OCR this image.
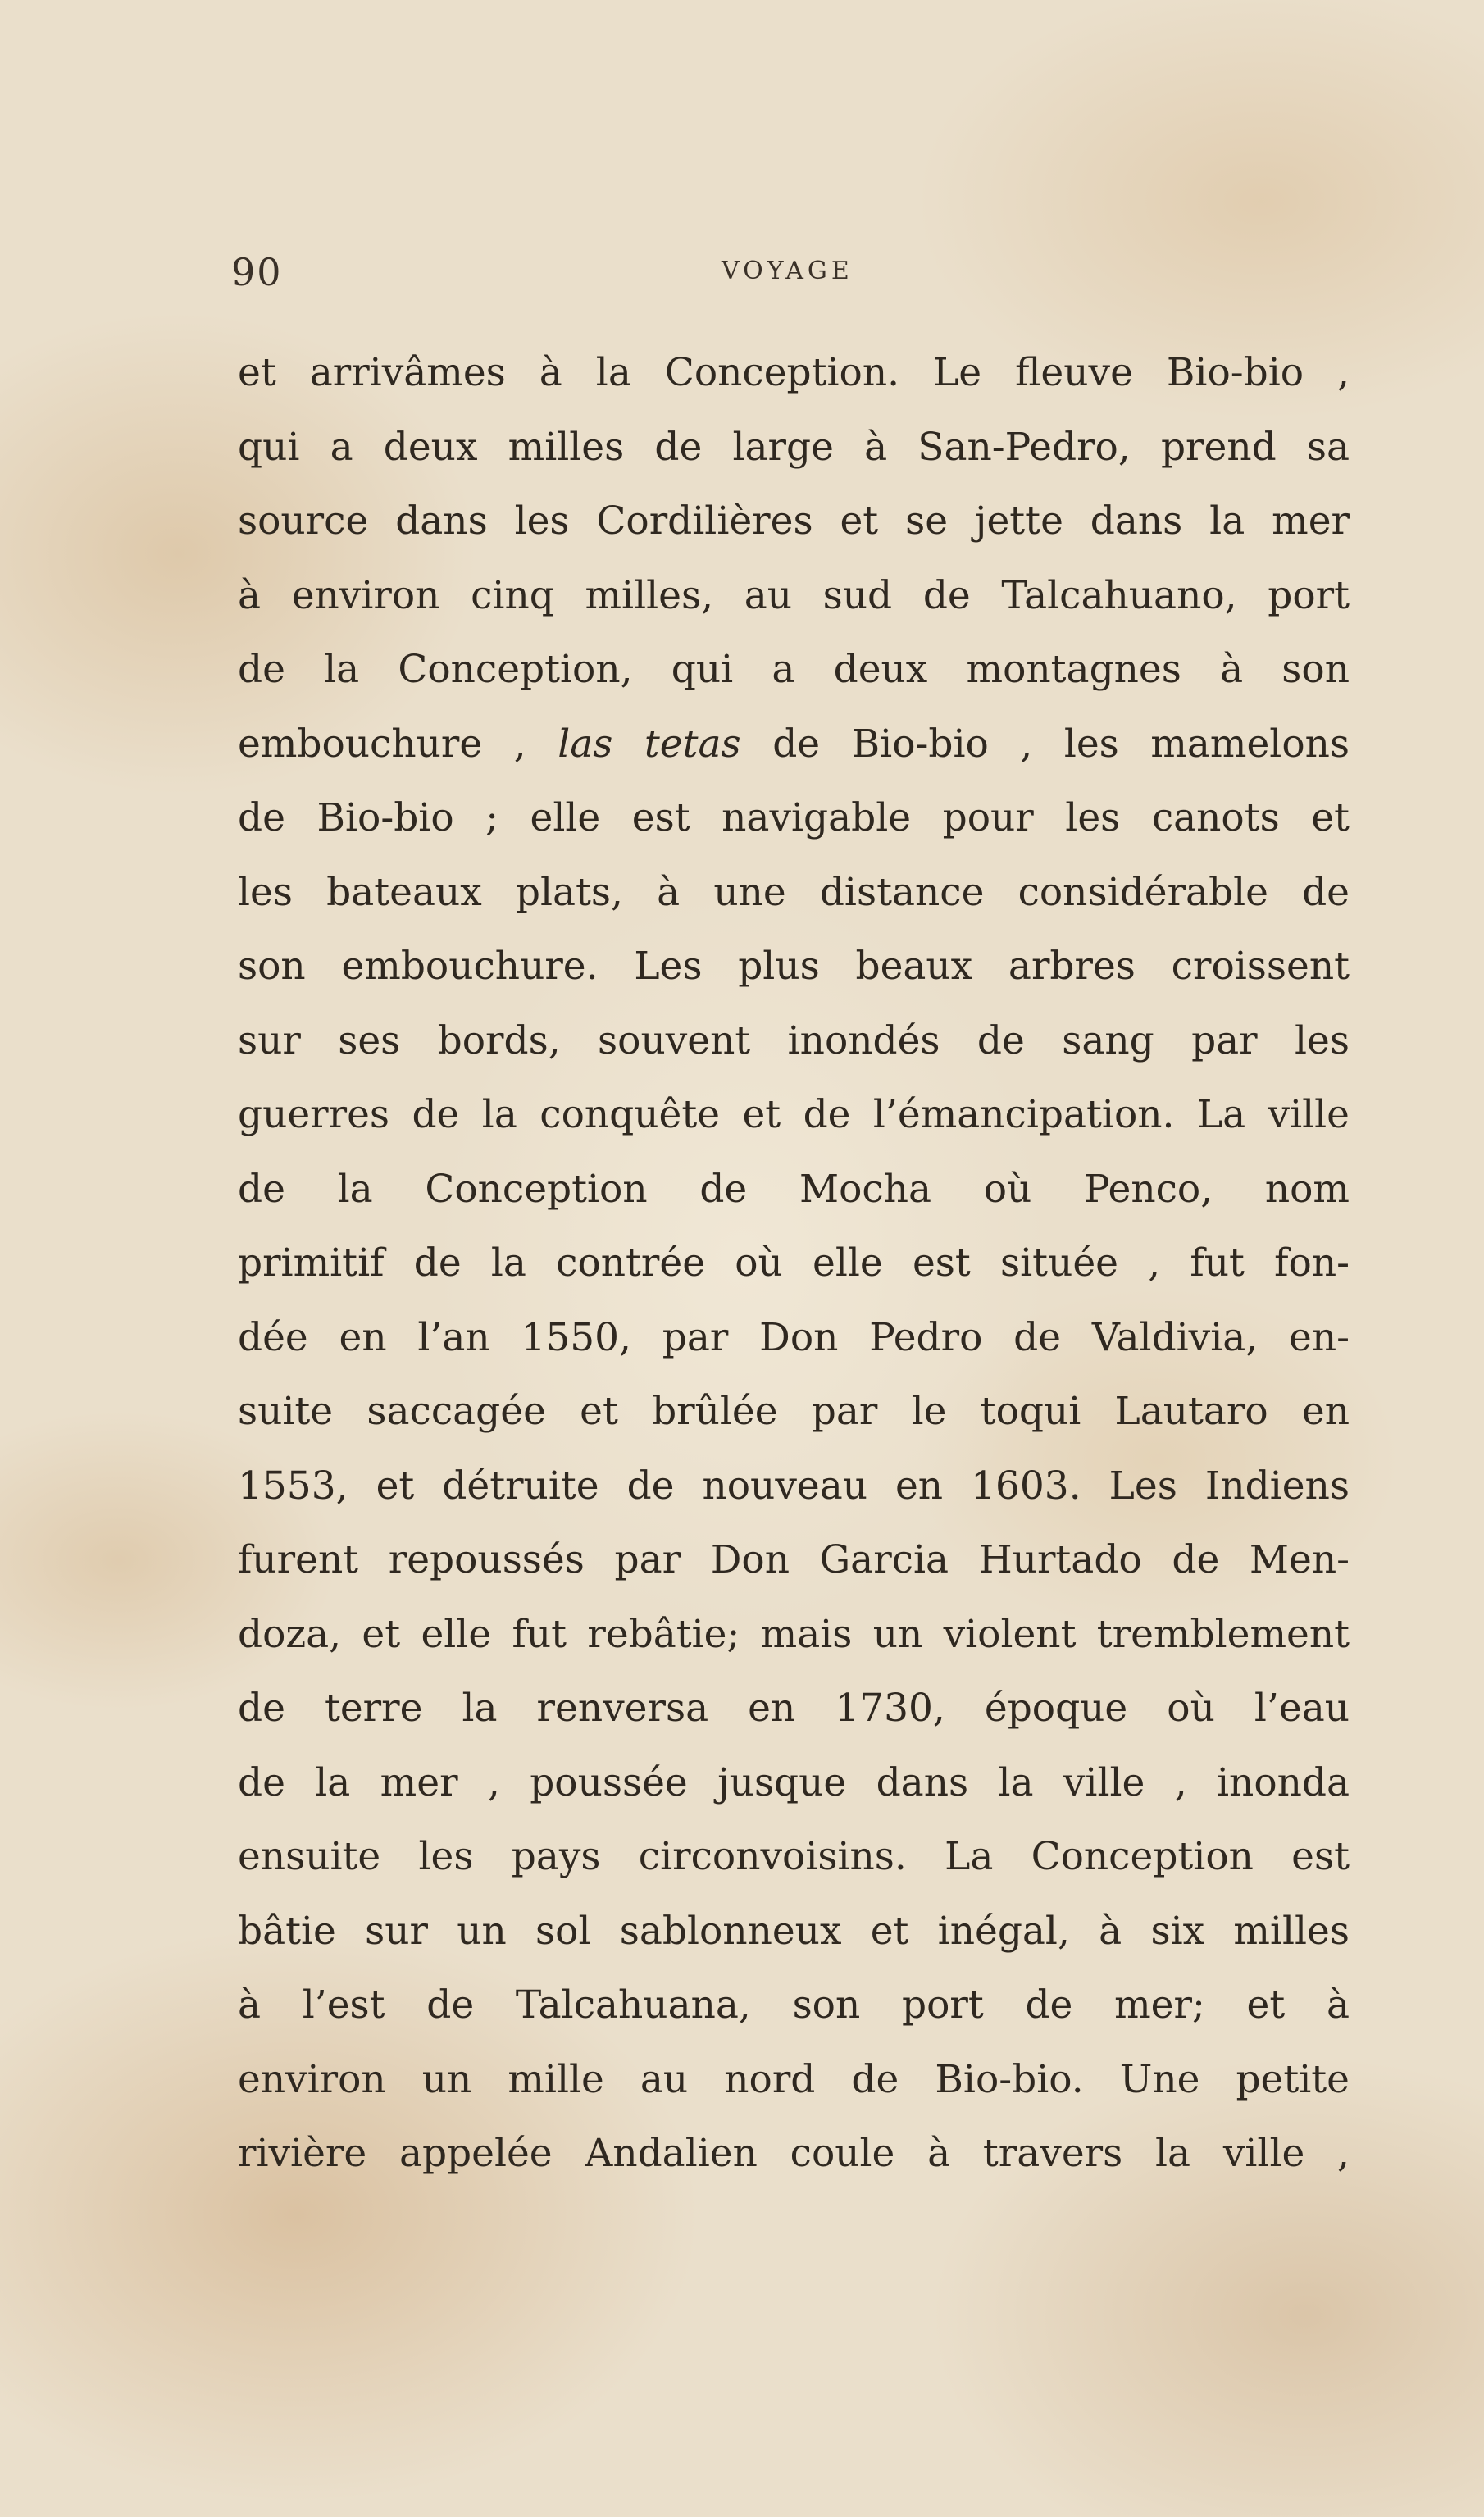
90	VOYAGE
et arrivâmes à la Conception. Le fleuve Bio-bio ,
qui a deux milles de large à San-Pedro, prend sa
source dans les Cordilières et se jette dans la mer
à environ cinq milles, au sud de Talcahuano, port
de la Conception, qui a deux montagnes à son
embouchure , las tetas de Bio-bio , les mamelons
de Bio-bio ; elle est navigable pour les canots et
les bateaux plats, à une distance considérable de
son embouchure. Les plus beaux arbres croissent
sur ses bords, souvent inondés de sang par les
guerres de la conquête et de l’émancipation. La ville
de la Conception de Mocha où Penco, nom
primitif de la contrée où elle est située , fut fon-
dée en l’an 1550, par Don Pedro de Valdivia, en-
suite saccagée et brûlée par le toqui Lautaro en
1553, et détruite de nouveau en 1603. Les Indiens
furent repoussés par Don Garcia Hurtado de Men-
doza, et elle fut rebâtie; mais un violent tremblement
de terre la renversa en 1730, époque où l’eau
de la mer , poussée jusque dans la ville , inonda
ensuite les pays circonvoisins. La Conception est
bâtie sur un sol sablonneux et inégal, à six milles
à l’est de Talcahuana, son port de mer; et à
environ un mille au nord de Bio-bio. Une petite
rivière appelée Andalien coule à travers la ville ,
